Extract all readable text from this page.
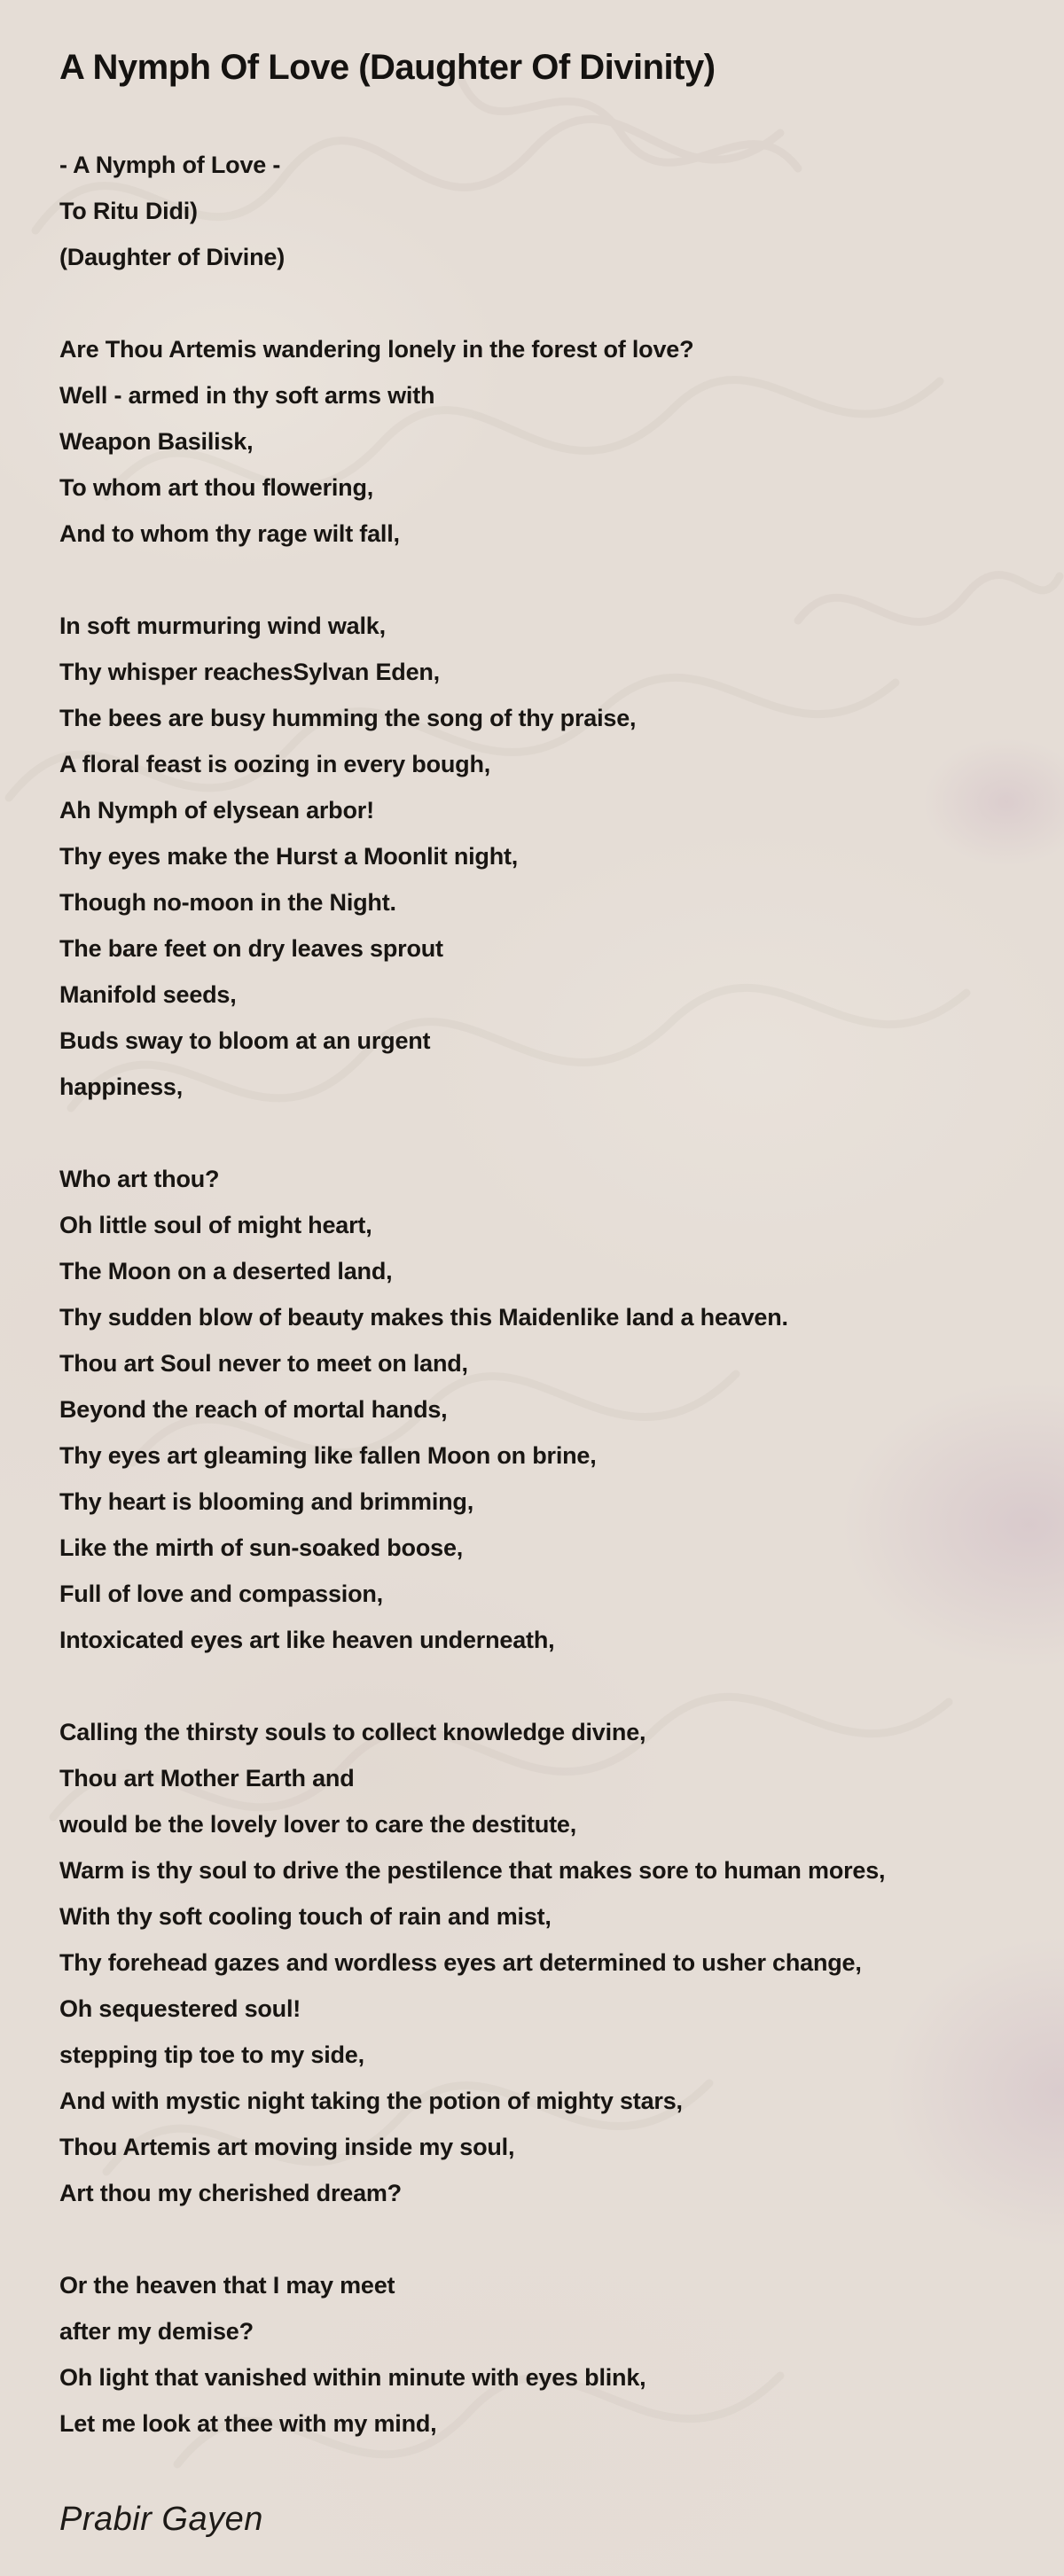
A Nymph Of Love (Daughter Of Divinity)
- A Nymph of Love -
To Ritu Didi)
(Daughter of Divine)
Are Thou Artemis wandering lonely in the forest of love?
Well - armed in thy soft arms with
Weapon Basilisk,
To whom art thou flowering,
And to whom thy rage wilt fall,
In soft murmuring wind walk,
Thy whisper reachesSylvan Eden,
The bees are busy humming the song of thy praise,
A floral feast is oozing in every bough,
Ah Nymph of elysean arbor!
Thy eyes make the Hurst a Moonlit night,
Though no-moon in the Night.
The bare feet on dry leaves sprout
Manifold seeds,
Buds sway to bloom at an urgent
happiness,
Who art thou?
Oh little soul of might heart,
The Moon on a deserted land,
Thy sudden blow of beauty makes this Maidenlike land a heaven.
Thou art Soul never to meet on land,
Beyond the reach of mortal hands,
Thy eyes art gleaming like fallen Moon on brine,
Thy heart is blooming and brimming,
Like the mirth of sun-soaked boose,
Full of love and compassion,
Intoxicated eyes art like heaven underneath,
Calling the thirsty souls to collect knowledge divine,
Thou art Mother Earth and
would be the lovely lover to care the destitute,
Warm is thy soul to drive the pestilence that makes sore to human mores,
With thy soft cooling touch of rain and mist,
Thy forehead gazes and wordless eyes art determined to usher change,
Oh sequestered soul!
stepping tip toe to my side,
And with mystic night taking the potion of mighty stars,
Thou Artemis art moving inside my soul,
Art thou my cherished dream?
Or the heaven that I may meet
after my demise?
Oh light that vanished within minute with eyes blink,
Let me look at thee with my mind,
Prabir Gayen
